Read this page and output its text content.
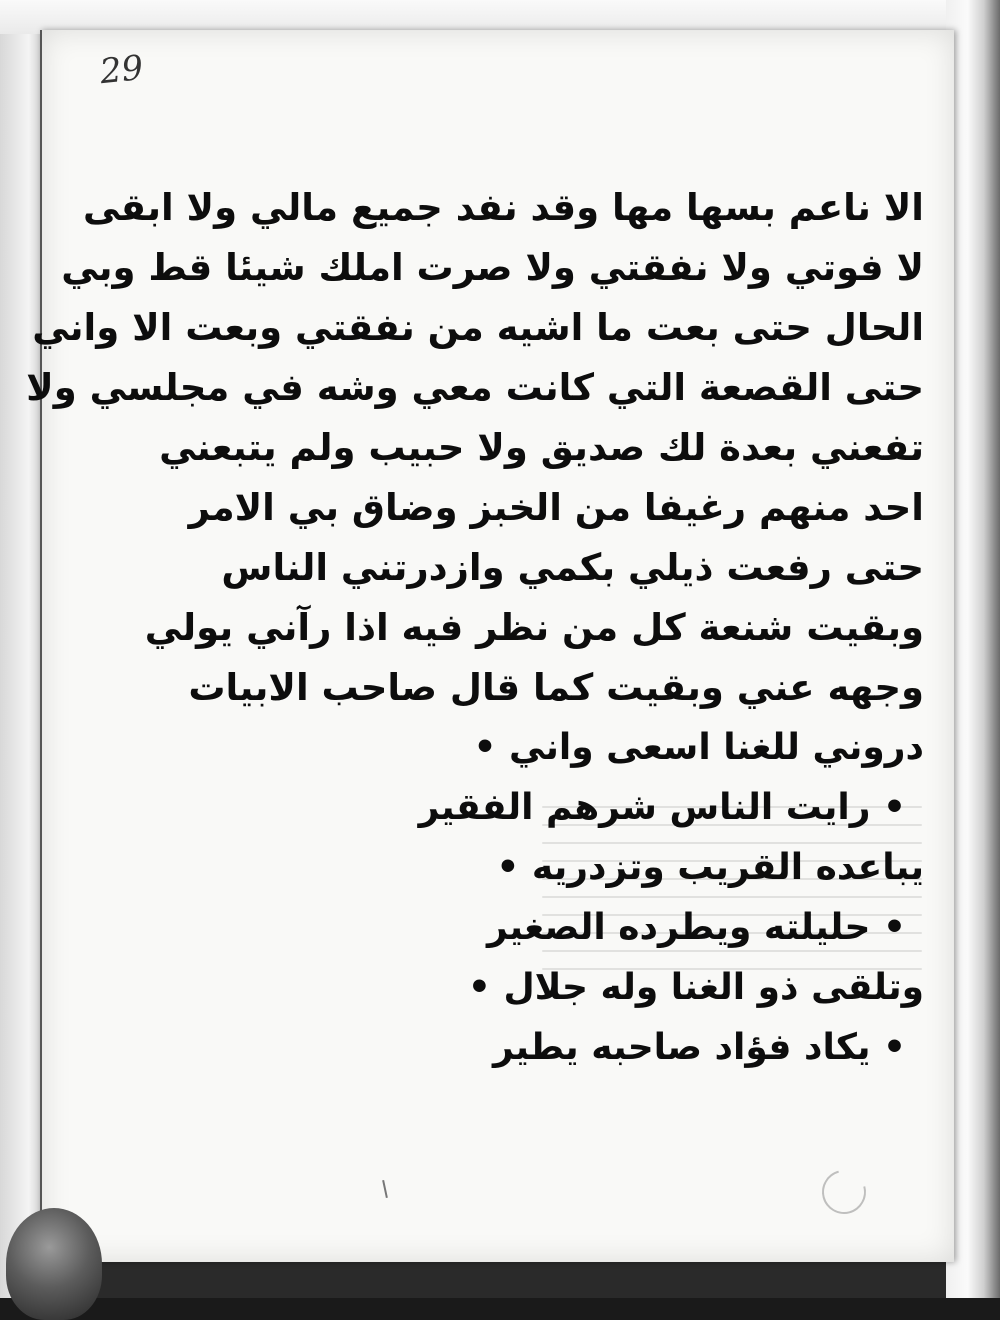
29
الا ناعم بسها مها وقد نفد جميع مالي ولا ابقى
لا فوتي ولا نفقتي ولا صرت املك شيئا قط وبي
الحال حتى بعت ما اشيه من نفقتي وبعت الا واني
حتى القصعة التي كانت معي وشه في مجلسي ولا
تفعني بعدة لك صديق ولا حبيب ولم يتبعني
احد منهم رغيفا من الخبز وضاق بي الامر
حتى رفعت ذيلي بكمي وازدرتني الناس
وبقيت شنعة كل من نظر فيه اذا رآني يولي
وجهه عني وبقيت كما قال صاحب الابيات
دروني للغنا اسعى واني •
• رايت الناس شرهم الفقير
يباعده القريب وتزدريه •
• حليلته ويطرده الصغير
وتلقى ذو الغنا وله جلال •
• يكاد فؤاد صاحبه يطير
